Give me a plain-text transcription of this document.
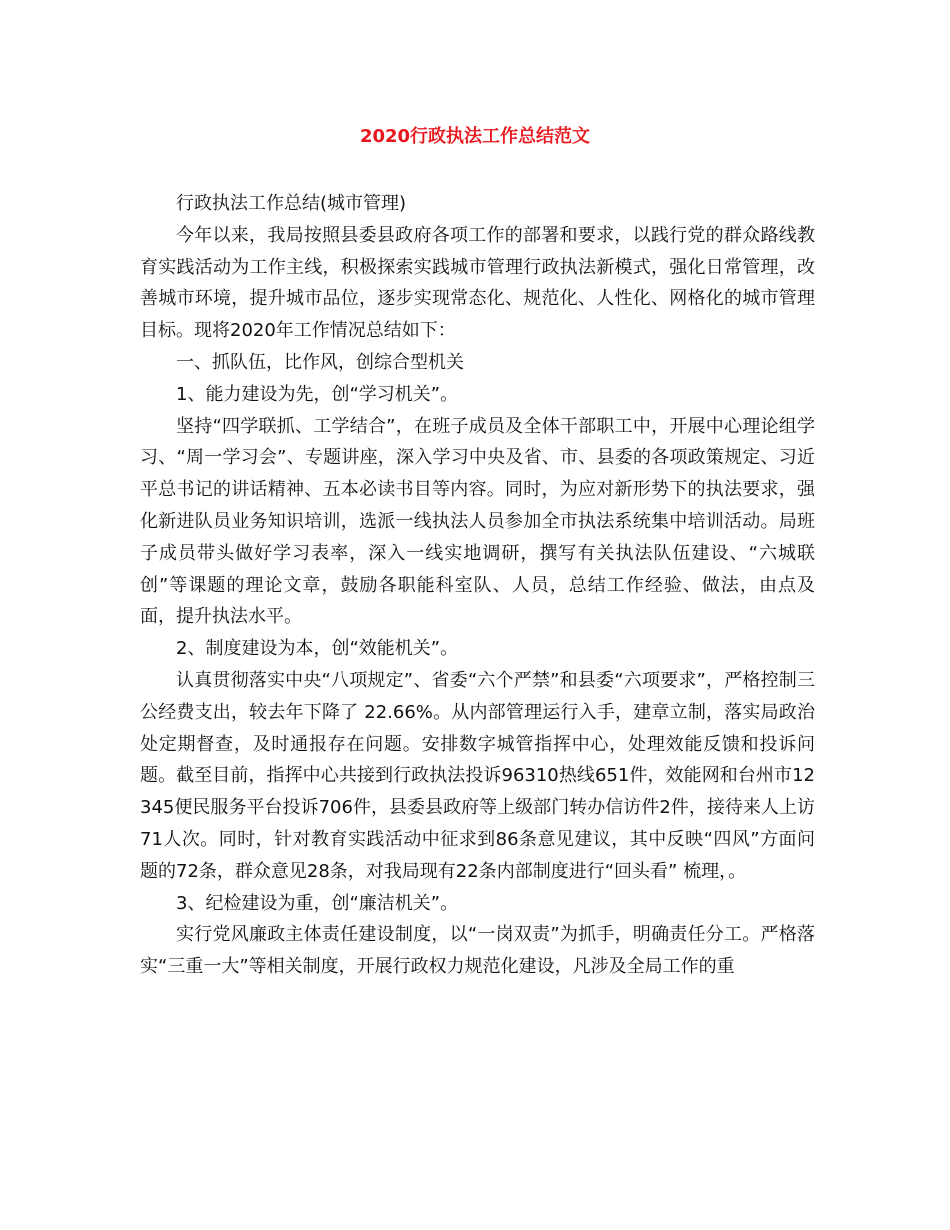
2020行政执法工作总结范文

行政执法工作总结(城市管理)

今年以来，我局按照县委县政府各项工作的部署和要求，以践行党的群众路线教育实践活动为工作主线，积极探索实践城市管理行政执法新模式，强化日常管理，改善城市环境，提升城市品位，逐步实现常态化、规范化、人性化、网格化的城市管理目标。现将2020年工作情况总结如下：

一、抓队伍，比作风，创综合型机关

1、能力建设为先，创“学习机关”。

坚持“四学联抓、工学结合”，在班子成员及全体干部职工中，开展中心理论组学习、“周一学习会”、专题讲座，深入学习中央及省、市、县委的各项政策规定、习近平总书记的讲话精神、五本必读书目等内容。同时，为应对新形势下的执法要求，强化新进队员业务知识培训，选派一线执法人员参加全市执法系统集中培训活动。局班子成员带头做好学习表率，深入一线实地调研，撰写有关执法队伍建设、“六城联创”等课题的理论文章，鼓励各职能科室队、人员，总结工作经验、做法，由点及面，提升执法水平。

2、制度建设为本，创“效能机关”。

认真贯彻落实中央“八项规定”、省委“六个严禁”和县委“六项要求”，严格控制三公经费支出，较去年下降了 22.66%。从内部管理运行入手，建章立制，落实局政治处定期督查，及时通报存在问题。安排数字城管指挥中心，处理效能反馈和投诉问题。截至目前，指挥中心共接到行政执法投诉96310热线651件，效能网和台州市12345便民服务平台投诉706件，县委县政府等上级部门转办信访件2件，接待来人上访 71人次。同时，针对教育实践活动中征求到86条意见建议，其中反映“四风”方面问题的72条，群众意见28条，对我局现有22条内部制度进行“回头看” 梳理，。

3、纪检建设为重，创“廉洁机关”。

实行党风廉政主体责任建设制度，以“一岗双责”为抓手，明确责任分工。严格落实“三重一大”等相关制度，开展行政权力规范化建设，凡涉及全局工作的重
